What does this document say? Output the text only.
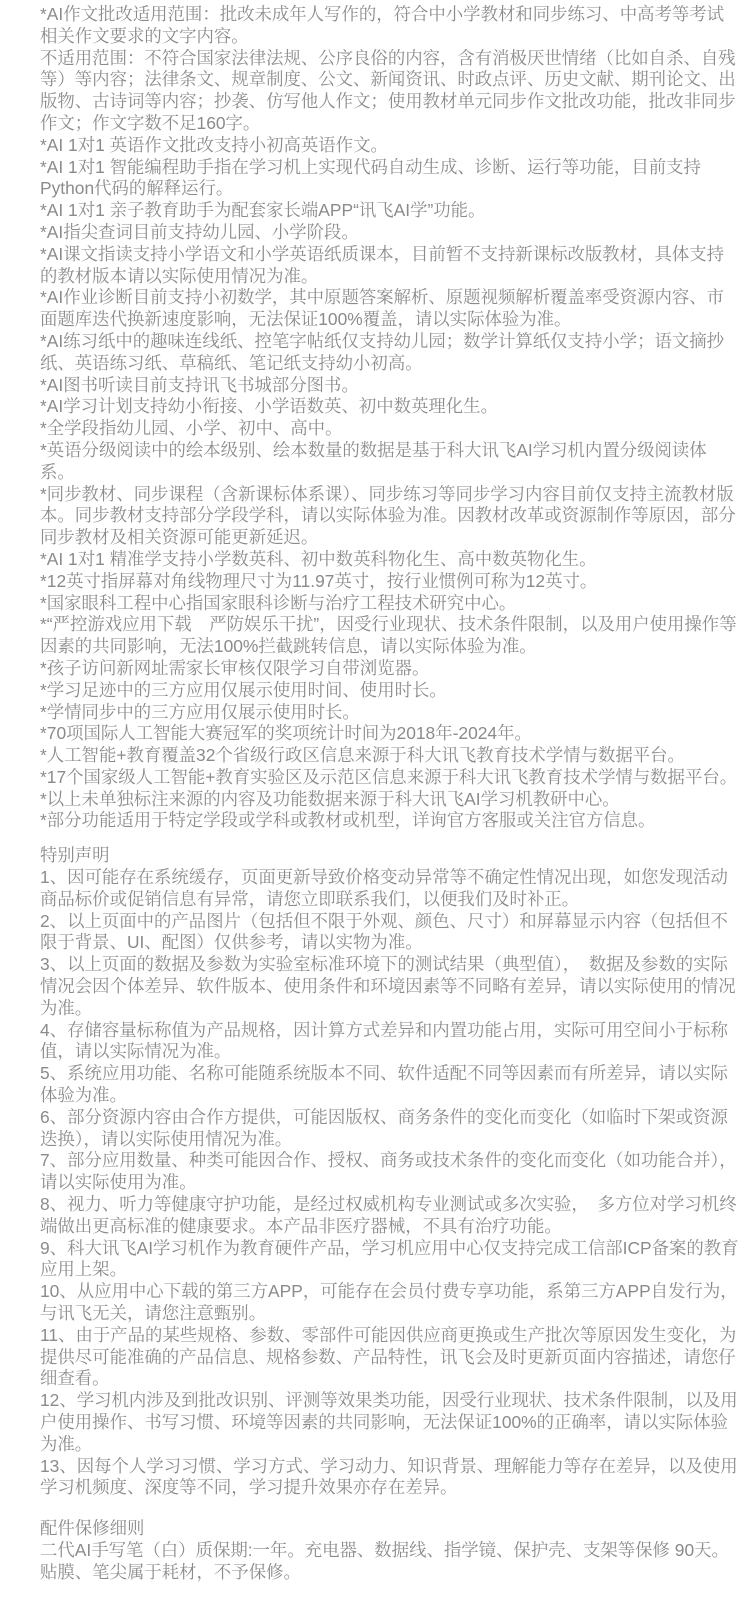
*AI作文批改适用范围：批改未成年人写作的，符合中小学教材和同步练习、中高考等考试相关作文要求的文字内容。

不适用范围：不符合国家法律法规、公序良俗的内容，含有消极厌世情绪（比如自杀、自残等）等内容；法律条文、规章制度、公文、新闻资讯、时政点评、历史文献、期刊论文、出版物、古诗词等内容；抄袭、仿写他人作文；使用教材单元同步作文批改功能，批改非同步作文；作文字数不足160字。

*AI 1对1 英语作文批改支持小初高英语作文。

*AI 1对1 智能编程助手指在学习机上实现代码自动生成、诊断、运行等功能，目前支持Python代码的解释运行。

*AI 1对1 亲子教育助手为配套家长端APP“讯飞AI学”功能。

*AI指尖查词目前支持幼儿园、小学阶段。

*AI课文指读支持小学语文和小学英语纸质课本，目前暂不支持新课标改版教材，具体支持的教材版本请以实际使用情况为准。

*AI作业诊断目前支持小初数学，其中原题答案解析、原题视频解析覆盖率受资源内容、市面题库迭代换新速度影响，无法保证100%覆盖，请以实际体验为准。

*AI练习纸中的趣味连线纸、控笔字帖纸仅支持幼儿园；数学计算纸仅支持小学；语文摘抄纸、英语练习纸、草稿纸、笔记纸支持幼小初高。

*AI图书听读目前支持讯飞书城部分图书。

*AI学习计划支持幼小衔接、小学语数英、初中数英理化生。

*全学段指幼儿园、小学、初中、高中。

*英语分级阅读中的绘本级别、绘本数量的数据是基于科大讯飞AI学习机内置分级阅读体系。

*同步教材、同步课程（含新课标体系课）、同步练习等同步学习内容目前仅支持主流教材版本。同步教材支持部分学段学科，请以实际体验为准。因教材改革或资源制作等原因，部分同步教材及相关资源可能更新延迟。

*AI 1对1 精准学支持小学数英科、初中数英科物化生、高中数英物化生。

*12英寸指屏幕对角线物理尺寸为11.97英寸，按行业惯例可称为12英寸。

*国家眼科工程中心指国家眼科诊断与治疗工程技术研究中心。

*“严控游戏应用下载　严防娱乐干扰”，因受行业现状、技术条件限制，以及用户使用操作等因素的共同影响，无法100%拦截跳转信息，请以实际体验为准。

*孩子访问新网址需家长审核仅限学习自带浏览器。

*学习足迹中的三方应用仅展示使用时间、使用时长。

*学情同步中的三方应用仅展示使用时长。

*70项国际人工智能大赛冠军的奖项统计时间为2018年-2024年。

*人工智能+教育覆盖32个省级行政区信息来源于科大讯飞教育技术学情与数据平台。

*17个国家级人工智能+教育实验区及示范区信息来源于科大讯飞教育技术学情与数据平台。

*以上未单独标注来源的内容及功能数据来源于科大讯飞AI学习机教研中心。

*部分功能适用于特定学段或学科或教材或机型，详询官方客服或关注官方信息。

特别声明

1、因可能存在系统缓存，页面更新导致价格变动异常等不确定性情况出现，如您发现活动商品标价或促销信息有异常，请您立即联系我们，以便我们及时补正。

2、以上页面中的产品图片（包括但不限于外观、颜色、尺寸）和屏幕显示内容（包括但不限于背景、UI、配图）仅供参考，请以实物为准。

3、以上页面的数据及参数为实验室标准环境下的测试结果（典型值），　数据及参数的实际情况会因个体差异、软件版本、使用条件和环境因素等不同略有差异，请以实际使用的情况为准。

4、存储容量标称值为产品规格，因计算方式差异和内置功能占用，实际可用空间小于标称值，请以实际情况为准。

5、系统应用功能、名称可能随系统版本不同、软件适配不同等因素而有所差异，请以实际体验为准。

6、部分资源内容由合作方提供，可能因版权、商务条件的变化而变化（如临时下架或资源迭换），请以实际使用情况为准。

7、部分应用数量、种类可能因合作、授权、商务或技术条件的变化而变化（如功能合并），请以实际使用为准。

8、视力、听力等健康守护功能，是经过权威机构专业测试或多次实验，　多方位对学习机终端做出更高标准的健康要求。本产品非医疗器械，不具有治疗功能。

9、科大讯飞AI学习机作为教育硬件产品，学习机应用中心仅支持完成工信部ICP备案的教育应用上架。

10、从应用中心下载的第三方APP，可能存在会员付费专享功能，系第三方APP自发行为，与讯飞无关，请您注意甄别。

11、由于产品的某些规格、参数、零部件可能因供应商更换或生产批次等原因发生变化，为提供尽可能准确的产品信息、规格参数、产品特性，讯飞会及时更新页面内容描述，请您仔细查看。

12、学习机内涉及到批改识别、评测等效果类功能，因受行业现状、技术条件限制，以及用户使用操作、书写习惯、环境等因素的共同影响，无法保证100%的正确率，请以实际体验为准。

13、因每个人学习习惯、学习方式、学习动力、知识背景、理解能力等存在差异，以及使用学习机频度、深度等不同，学习提升效果亦存在差异。

配件保修细则

二代AI手写笔（白）质保期:一年。充电器、数据线、指学镜、保护壳、支架等保修 90天。贴膜、笔尖属于耗材，不予保修。
